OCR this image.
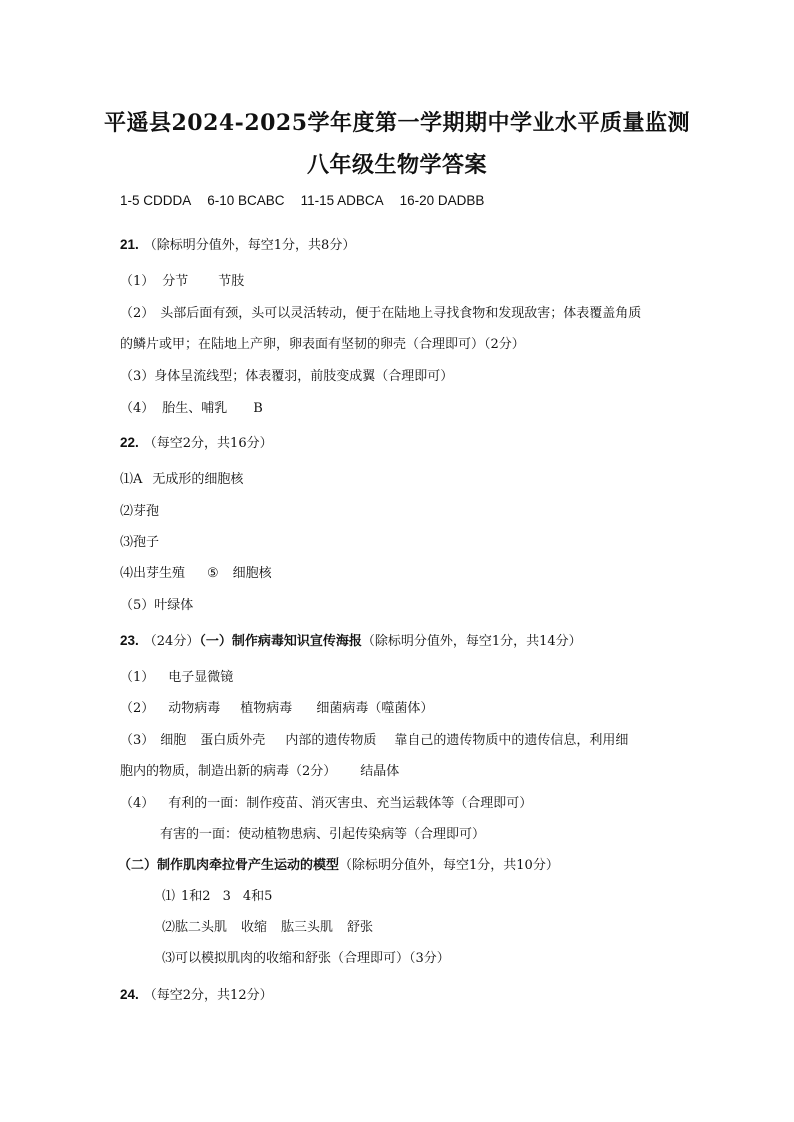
平遥县2024-2025学年度第一学期期中学业水平质量监测
八年级生物学答案
1-5 CDDDA 6-10 BCABC 11-15 ADBCA 16-20 DADBB
21. （除标明分值外，每空1分，共8分）
（1） 分节 节肢
（2） 头部后面有颈，头可以灵活转动，便于在陆地上寻找食物和发现敌害；体表覆盖角质
的鳞片或甲；在陆地上产卵，卵表面有坚韧的卵壳（合理即可）（2分）
（3）身体呈流线型；体表覆羽，前肢变成翼（合理即可）
（4） 胎生、哺乳 B
22. （每空2分，共16分）
⑴A 无成形的细胞核
⑵芽孢
⑶孢子
⑷出芽生殖 ⑤ 细胞核
（5）叶绿体
23. （24分）（一）制作病毒知识宣传海报（除标明分值外，每空1分，共14分）
（1） 电子显微镜
（2） 动物病毒 植物病毒 细菌病毒（噬菌体）
（3） 细胞 蛋白质外壳 内部的遗传物质 靠自己的遗传物质中的遗传信息，利用细
胞内的物质，制造出新的病毒（2分） 结晶体
（4） 有利的一面：制作疫苗、消灭害虫、充当运载体等（合理即可）
有害的一面：使动植物患病、引起传染病等（合理即可）
（二）制作肌肉牵拉骨产生运动的模型（除标明分值外，每空1分，共10分）
⑴ 1和2 3 4和5
⑵肱二头肌 收缩 肱三头肌 舒张
⑶可以模拟肌肉的收缩和舒张（合理即可）（3分）
24. （每空2分，共12分）
